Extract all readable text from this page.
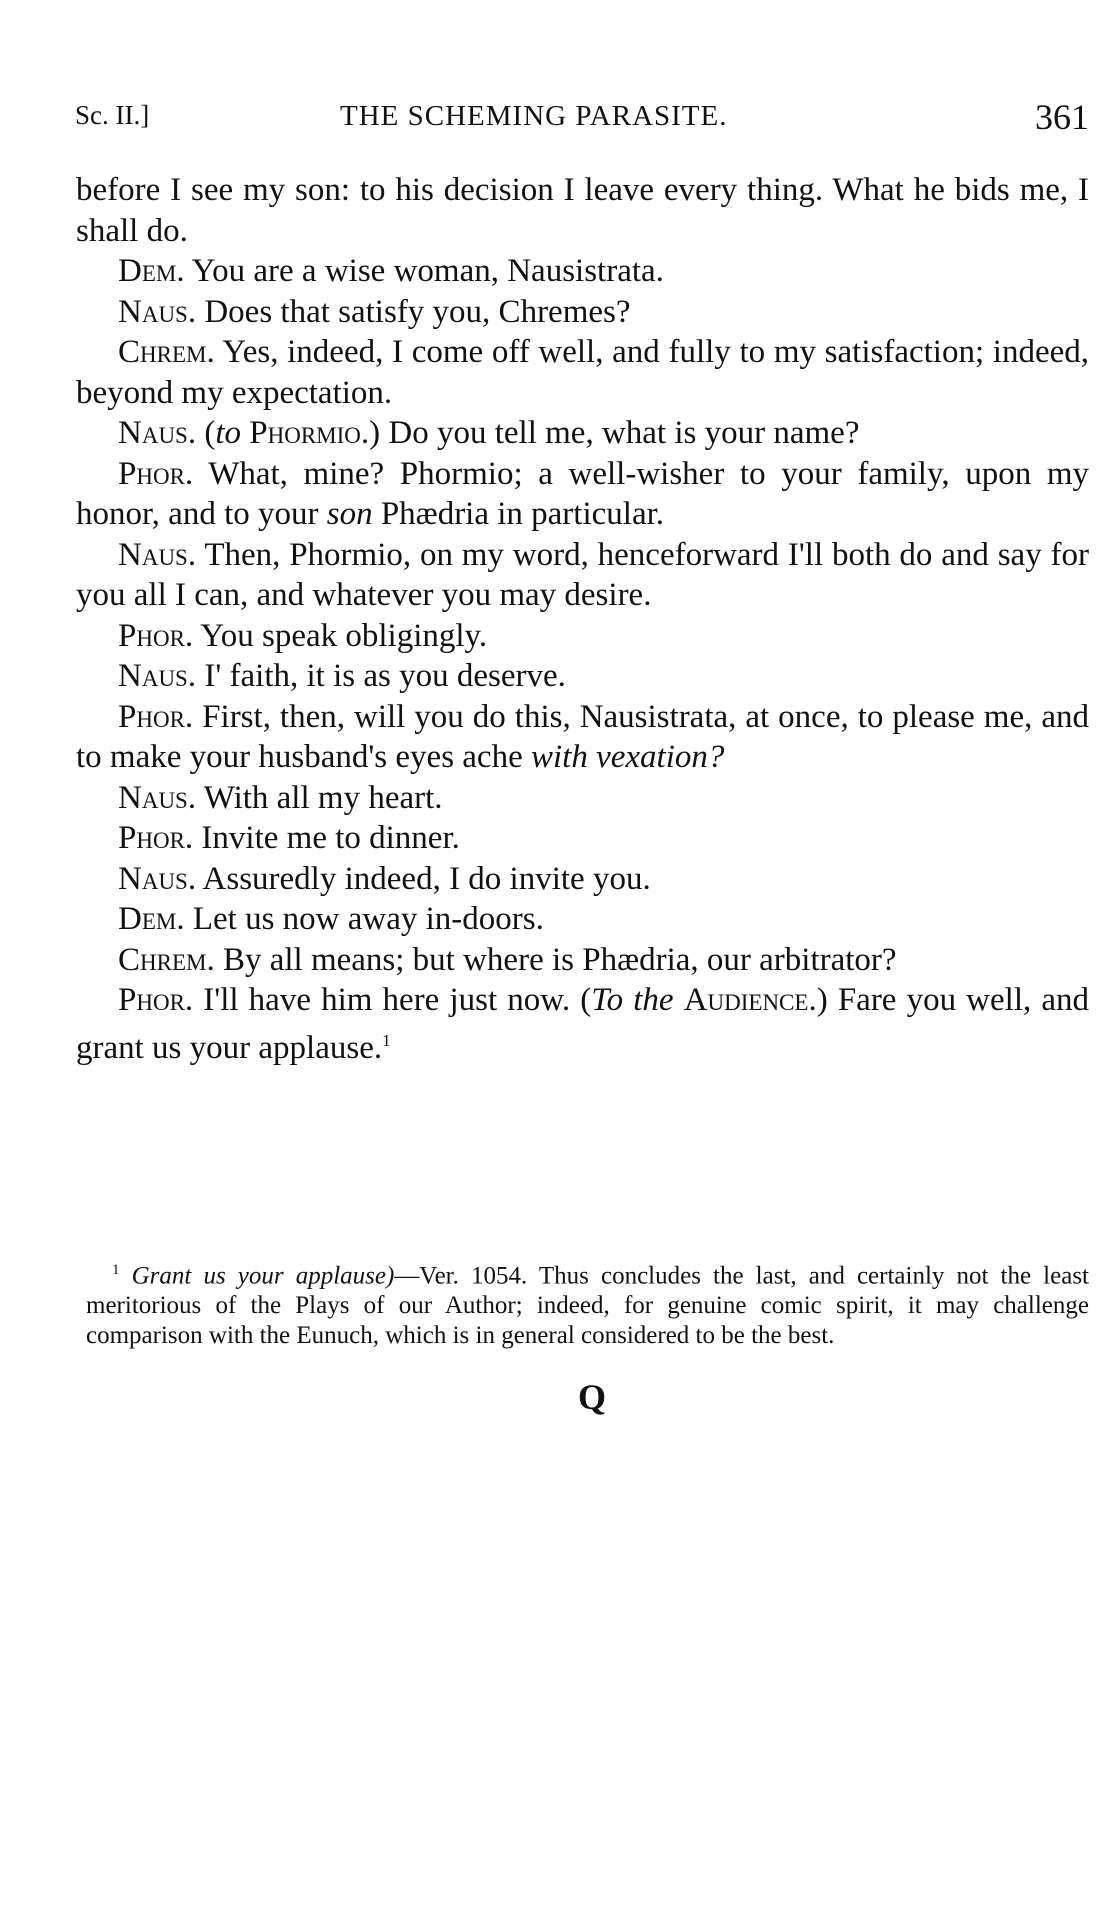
Sc. II.]	THE SCHEMING PARASITE.	361

before I see my son: to his decision I leave every thing. What he bids me, I shall do.

Dem. You are a wise woman, Nausistrata.

Naus. Does that satisfy you, Chremes?

Chrem. Yes, indeed, I come off well, and fully to my satisfaction; indeed, beyond my expectation.

Naus. (to Phormio.) Do you tell me, what is your name?

Phor. What, mine? Phormio; a well-wisher to your family, upon my honor, and to your son Phædria in particular.

Naus. Then, Phormio, on my word, henceforward I'll both do and say for you all I can, and whatever you may desire.

Phor. You speak obligingly.

Naus. I' faith, it is as you deserve.

Phor. First, then, will you do this, Nausistrata, at once, to please me, and to make your husband's eyes ache with vexation?

Naus. With all my heart.

Phor. Invite me to dinner.

Naus. Assuredly indeed, I do invite you.

Dem. Let us now away in-doors.

Chrem. By all means; but where is Phædria, our arbitrator?

Phor. I'll have him here just now. (To the Audience.) Fare you well, and grant us your applause.$^1$

$^1$ Grant us your applause)—Ver. 1054. Thus concludes the last, and certainly not the least meritorious of the Plays of our Author; indeed, for genuine comic spirit, it may challenge comparison with the Eunuch, which is in general considered to be the best.

Q
